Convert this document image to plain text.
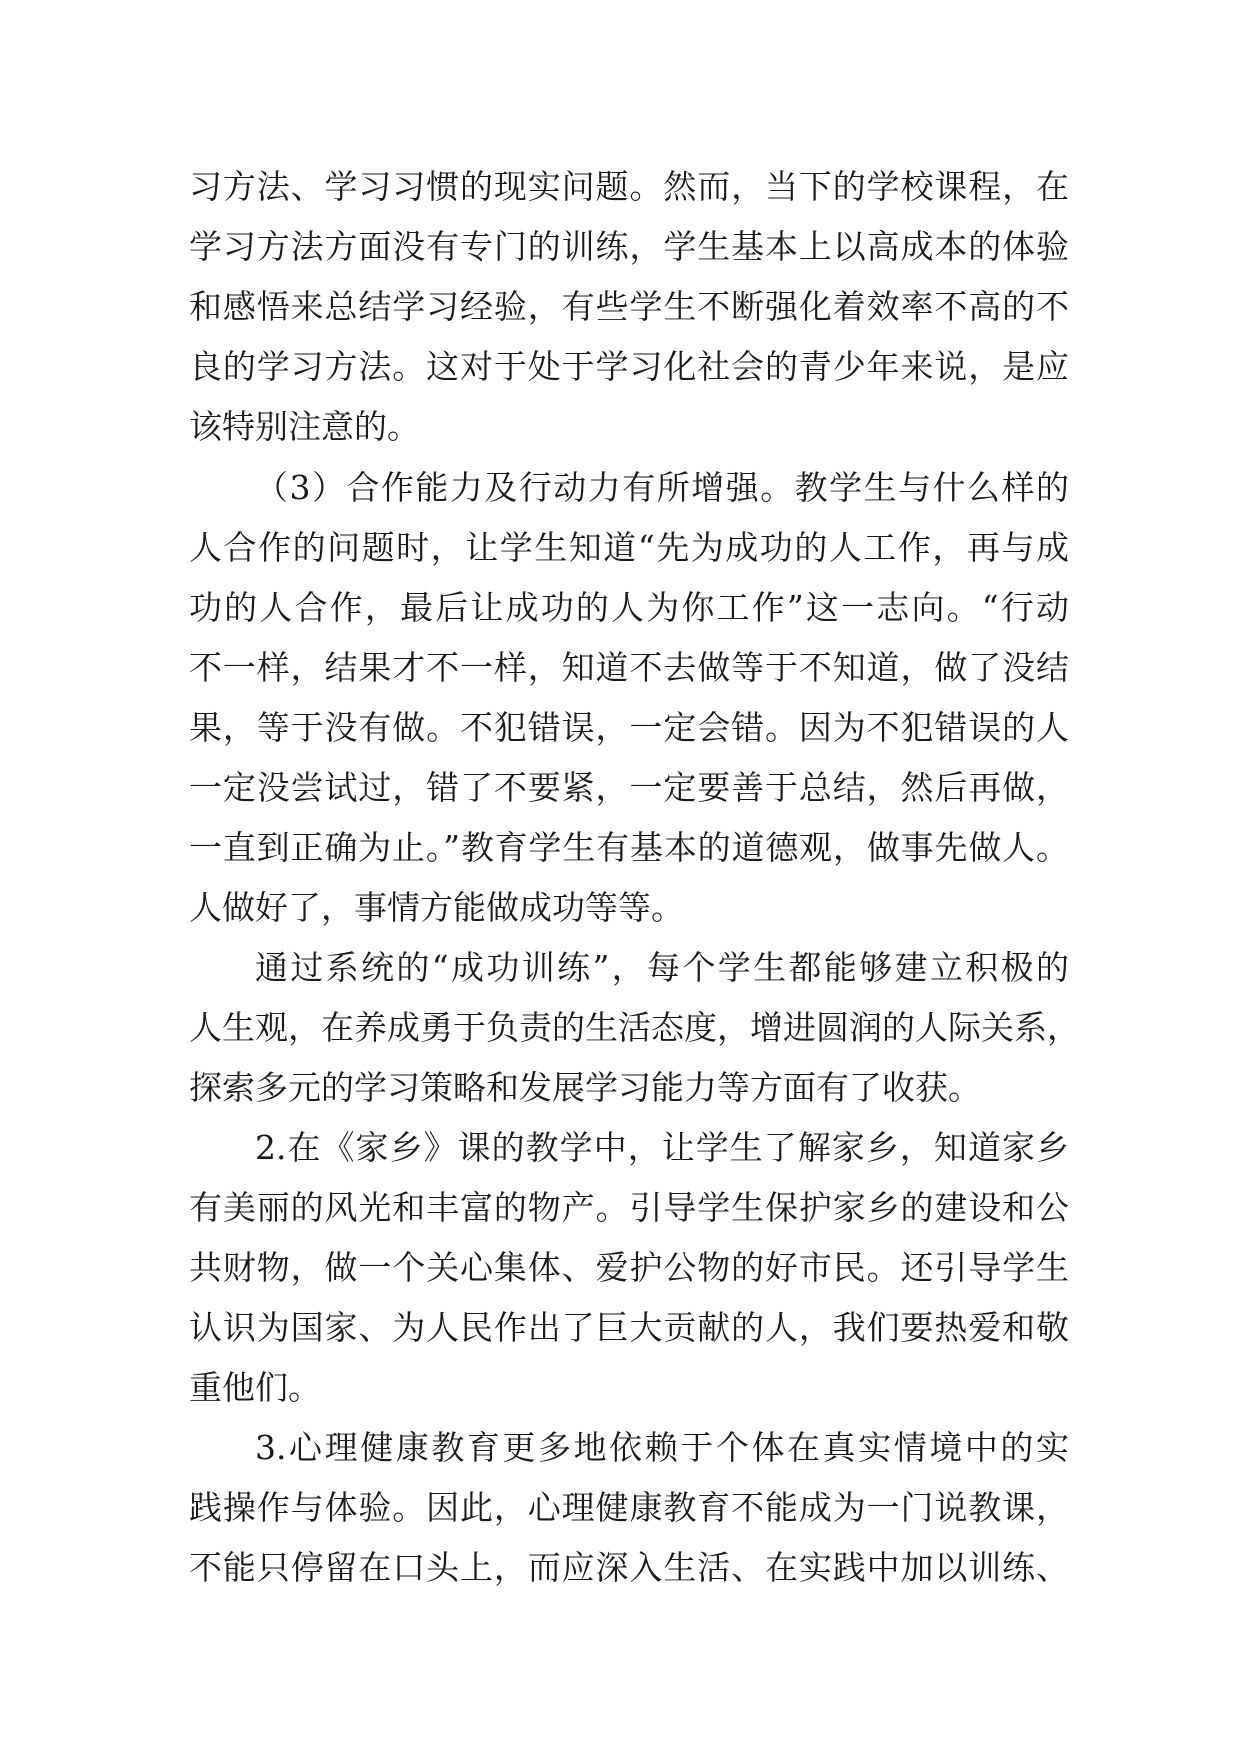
习方法、学习习惯的现实问题。然而，当下的学校课程，在
学习方法方面没有专门的训练，学生基本上以高成本的体验
和感悟来总结学习经验，有些学生不断强化着效率不高的不
良的学习方法。这对于处于学习化社会的青少年来说，是应
该特别注意的。
（3）合作能力及行动力有所增强。教学生与什么样的
人合作的问题时，让学生知道“先为成功的人工作，再与成
功的人合作，最后让成功的人为你工作”这一志向。“行动
不一样，结果才不一样，知道不去做等于不知道，做了没结
果，等于没有做。不犯错误，一定会错。因为不犯错误的人
一定没尝试过，错了不要紧，一定要善于总结，然后再做，
一直到正确为止。”教育学生有基本的道德观，做事先做人。
人做好了，事情方能做成功等等。
通过系统的“成功训练”，每个学生都能够建立积极的
人生观，在养成勇于负责的生活态度，增进圆润的人际关系，
探索多元的学习策略和发展学习能力等方面有了收获。
2.在《家乡》课的教学中，让学生了解家乡，知道家乡
有美丽的风光和丰富的物产。引导学生保护家乡的建设和公
共财物，做一个关心集体、爱护公物的好市民。还引导学生
认识为国家、为人民作出了巨大贡献的人，我们要热爱和敬
重他们。
3.心理健康教育更多地依赖于个体在真实情境中的实
践操作与体验。因此，心理健康教育不能成为一门说教课，
不能只停留在口头上，而应深入生活、在实践中加以训练、
